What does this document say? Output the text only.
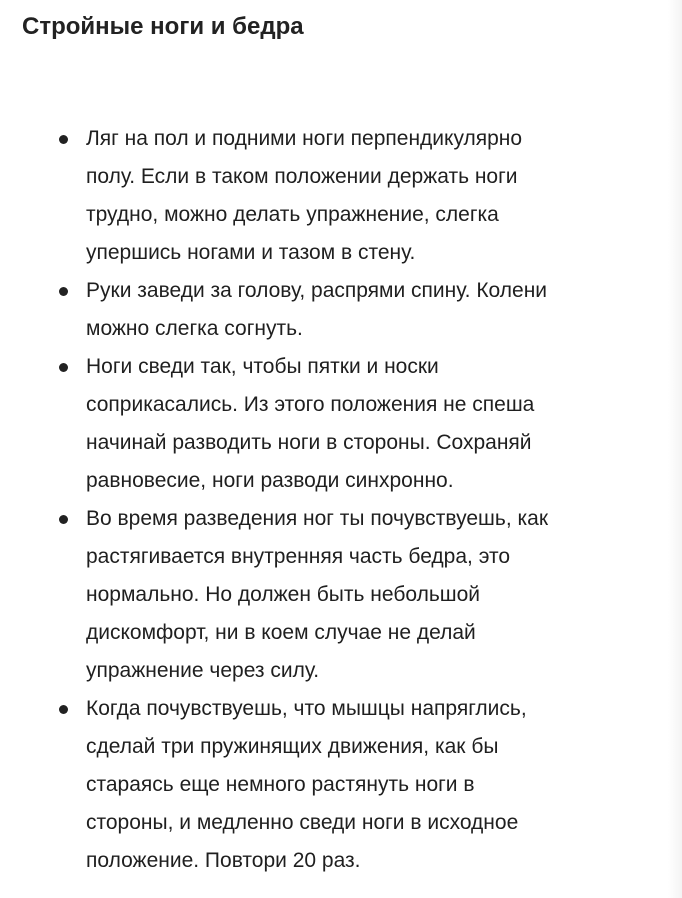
Стройные ноги и бедра
Ляг на пол и подними ноги перпендикулярно
полу. Если в таком положении держать ноги
трудно, можно делать упражнение, слегка
упершись ногами и тазом в стену.
Руки заведи за голову, распрями спину. Колени
можно слегка согнуть.
Ноги сведи так, чтобы пятки и носки
соприкасались. Из этого положения не спеша
начинай разводить ноги в стороны. Сохраняй
равновесие, ноги разводи синхронно.
Во время разведения ног ты почувствуешь, как
растягивается внутренняя часть бедра, это
нормально. Но должен быть небольшой
дискомфорт, ни в коем случае не делай
упражнение через силу.
Когда почувствуешь, что мышцы напряглись,
сделай три пружинящих движения, как бы
стараясь еще немного растянуть ноги в
стороны, и медленно сведи ноги в исходное
положение. Повтори 20 раз.
